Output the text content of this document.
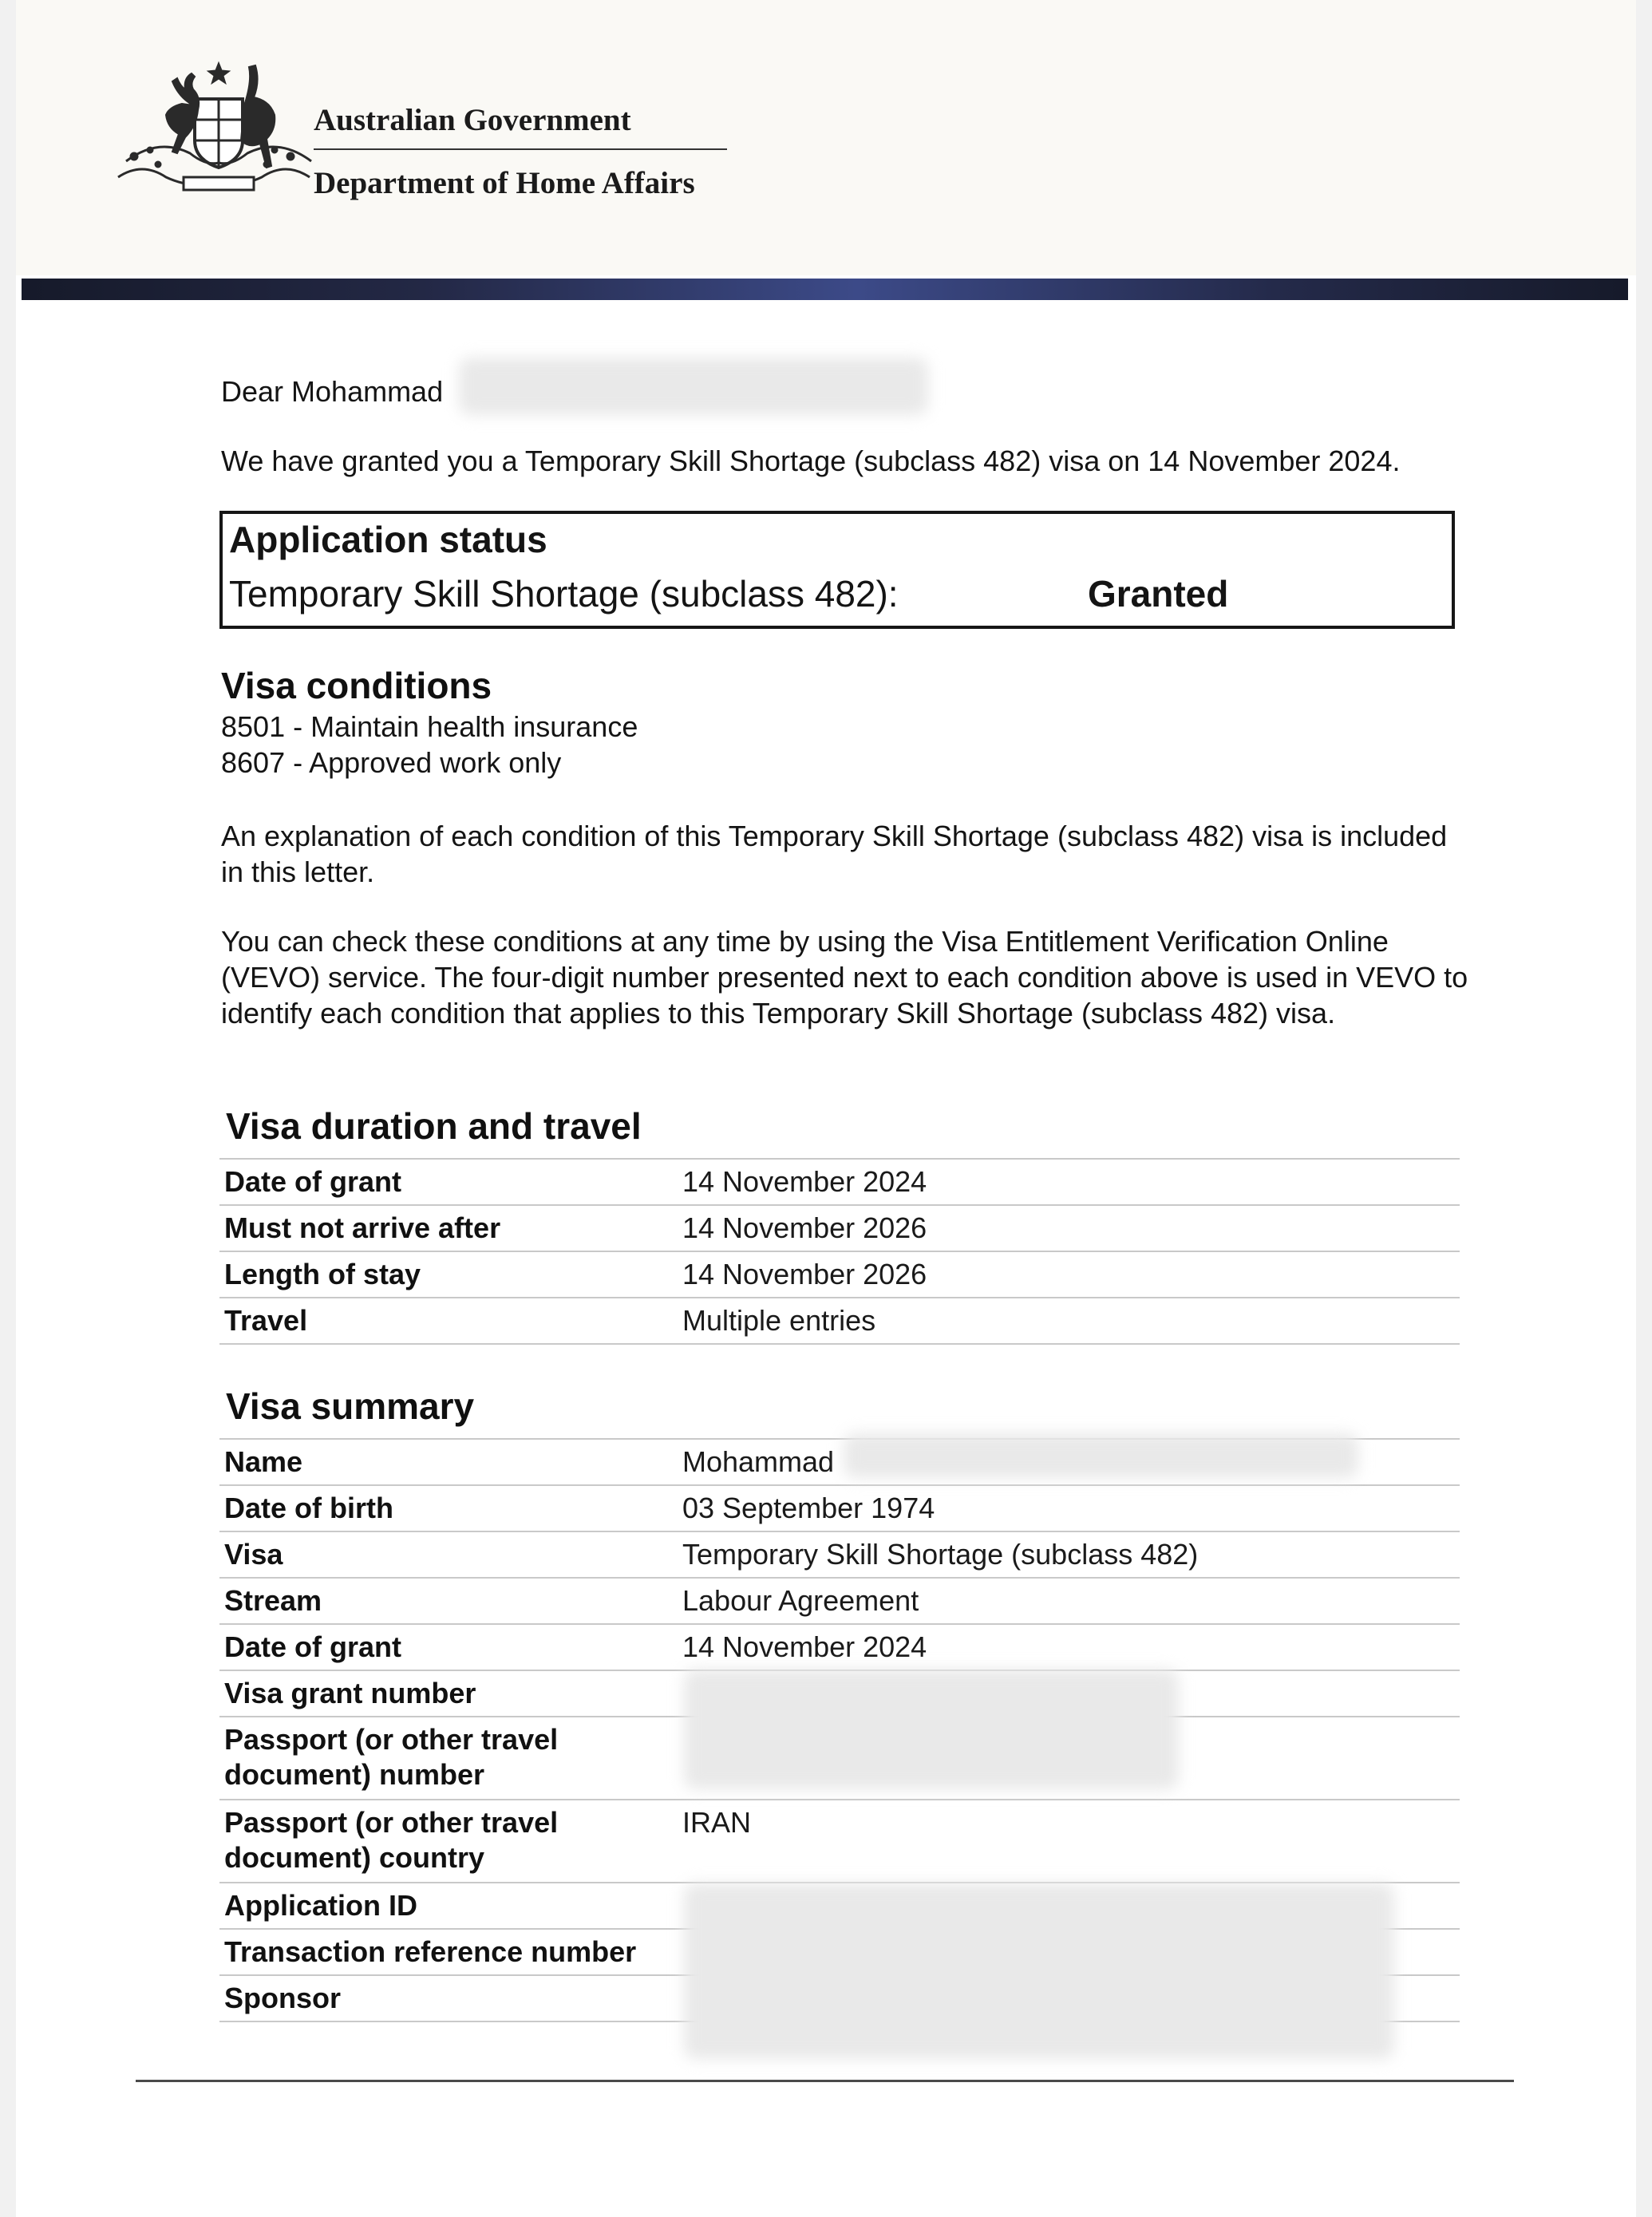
Australian Government
Department of Home Affairs
Dear Mohammad
We have granted you a Temporary Skill Shortage (subclass 482) visa on 14 November 2024.
Application status
Temporary Skill Shortage (subclass 482):	Granted
Visa conditions
8501 - Maintain health insurance
8607 - Approved work only
An explanation of each condition of this Temporary Skill Shortage (subclass 482) visa is included in this letter.
You can check these conditions at any time by using the Visa Entitlement Verification Online (VEVO) service. The four-digit number presented next to each condition above is used in VEVO to identify each condition that applies to this Temporary Skill Shortage (subclass 482) visa.
Visa duration and travel
Date of grant	14 November 2024
Must not arrive after	14 November 2026
Length of stay	14 November 2026
Travel	Multiple entries
Visa summary
Name	Mohammad
Date of birth	03 September 1974
Visa	Temporary Skill Shortage (subclass 482)
Stream	Labour Agreement
Date of grant	14 November 2024
Visa grant number	
Passport (or other travel document) number	
Passport (or other travel document) country	IRAN
Application ID	
Transaction reference number	
Sponsor	
